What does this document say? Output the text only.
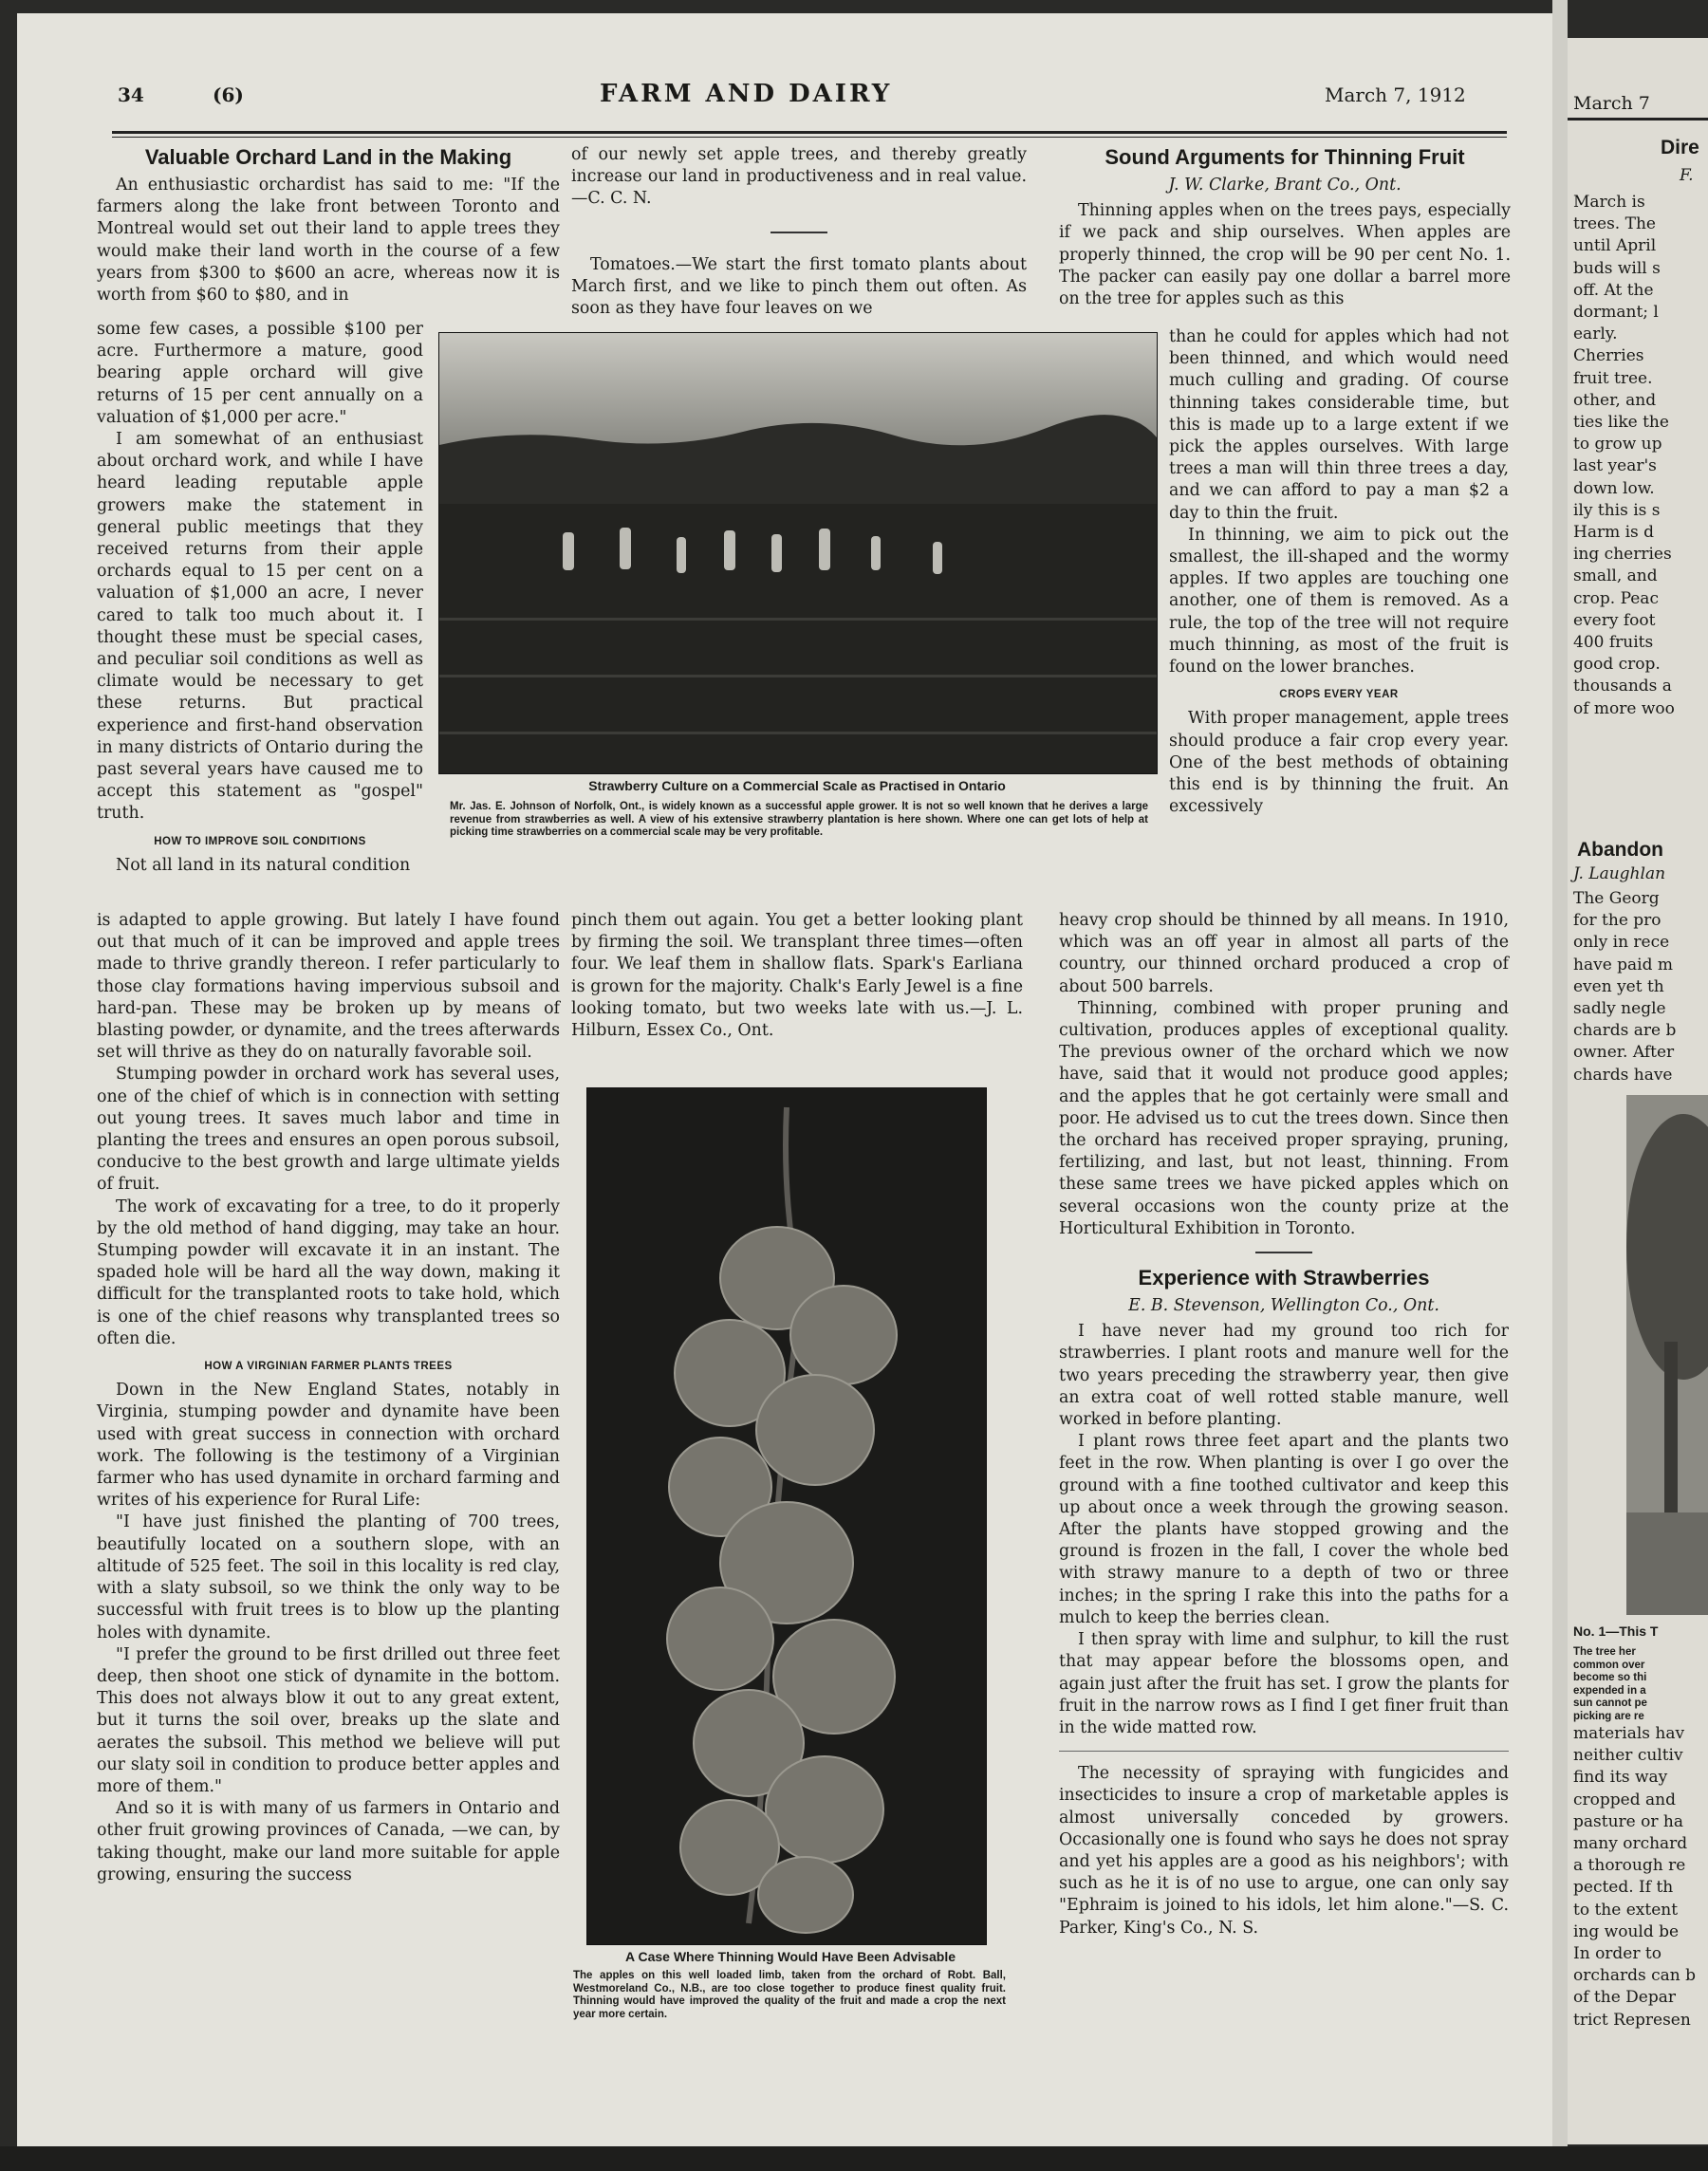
34	(6)	FARM AND DAIRY	March 7, 1912
Valuable Orchard Land in the Making

An enthusiastic orchardist has said to me: "If the farmers along the lake front between Toronto and Montreal would set out their land to apple trees they would make their land worth in the course of a few years from $300 to $600 an acre, whereas now it is worth from $60 to $80, and in

some few cases, a possible $100 per acre. Furthermore a mature, good bearing apple orchard will give returns of 15 per cent annually on a valuation of $1,000 per acre."

I am somewhat of an enthusiast about orchard work, and while I have heard leading reputable apple growers make the statement in general public meetings that they received returns from their apple orchards equal to 15 per cent on a valuation of $1,000 an acre, I never cared to talk too much about it. I thought these must be special cases, and peculiar soil conditions as well as climate would be necessary to get these returns. But practical experience and first-hand observation in many districts of Ontario during the past several years have caused me to accept this statement as "gospel" truth.

HOW TO IMPROVE SOIL CONDITIONS

Not all land in its natural condition

is adapted to apple growing. But lately I have found out that much of it can be improved and apple trees made to thrive grandly thereon. I refer particularly to those clay formations having impervious subsoil and hard-pan. These may be broken up by means of blasting powder, or dynamite, and the trees afterwards set will thrive as they do on naturally favorable soil.

Stumping powder in orchard work has several uses, one of the chief of which is in connection with setting out young trees. It saves much labor and time in planting the trees and ensures an open porous subsoil, conducive to the best growth and large ultimate yields of fruit.

The work of excavating for a tree, to do it properly by the old method of hand digging, may take an hour. Stumping powder will excavate it in an instant. The spaded hole will be hard all the way down, making it difficult for the transplanted roots to take hold, which is one of the chief reasons why transplanted trees so often die.

HOW A VIRGINIAN FARMER PLANTS TREES

Down in the New England States, notably in Virginia, stumping powder and dynamite have been used with great success in connection with orchard work. The following is the testimony of a Virginian farmer who has used dynamite in orchard farming and writes of his experience for Rural Life:

"I have just finished the planting of 700 trees, beautifully located on a southern slope, with an altitude of 525 feet. The soil in this locality is red clay, with a slaty subsoil, so we think the only way to be successful with fruit trees is to blow up the planting holes with dynamite.

"I prefer the ground to be first drilled out three feet deep, then shoot one stick of dynamite in the bottom. This does not always blow it out to any great extent, but it turns the soil over, breaks up the slate and aerates the subsoil. This method we believe will put our slaty soil in condition to produce better apples and more of them."

And so it is with many of us farmers in Ontario and other fruit growing provinces of Canada, —we can, by taking thought, make our land more suitable for apple growing, ensuring the success

of our newly set apple trees, and thereby greatly increase our land in productiveness and in real value.—C. C. N.

Tomatoes.—We start the first tomato plants about March first, and we like to pinch them out often. As soon as they have four leaves on we

Strawberry Culture on a Commercial Scale as Practised in Ontario
Mr. Jas. E. Johnson of Norfolk, Ont., is widely known as a successful apple grower. It is not so well known that he derives a large revenue from strawberries as well. A view of his extensive strawberry plantation is here shown. Where one can get lots of help at picking time strawberries on a commercial scale may be very profitable.

pinch them out again. You get a better looking plant by firming the soil. We transplant three times—often four. We leaf them in shallow flats. Spark's Earliana is grown for the majority. Chalk's Early Jewel is a fine looking tomato, but two weeks late with us.—J. L. Hilburn, Essex Co., Ont.

A Case Where Thinning Would Have Been Advisable
The apples on this well loaded limb, taken from the orchard of Robt. Ball, Westmoreland Co., N.B., are too close together to produce finest quality fruit. Thinning would have improved the quality of the fruit and made a crop the next year more certain.
Sound Arguments for Thinning Fruit
J. W. Clarke, Brant Co., Ont.

Thinning apples when on the trees pays, especially if we pack and ship ourselves. When apples are properly thinned, the crop will be 90 per cent No. 1. The packer can easily pay one dollar a barrel more on the tree for apples such as this

than he could for apples which had not been thinned, and which would need much culling and grading. Of course thinning takes considerable time, but this is made up to a large extent if we pick the apples ourselves. With large trees a man will thin three trees a day, and we can afford to pay a man $2 a day to thin the fruit.

In thinning, we aim to pick out the smallest, the ill-shaped and the wormy apples. If two apples are touching one another, one of them is removed. As a rule, the top of the tree will not require much thinning, as most of the fruit is found on the lower branches.

CROPS EVERY YEAR

With proper management, apple trees should produce a fair crop every year. One of the best methods of obtaining this end is by thinning the fruit. An excessively

heavy crop should be thinned by all means. In 1910, which was an off year in almost all parts of the country, our thinned orchard produced a crop of about 500 barrels.

Thinning, combined with proper pruning and cultivation, produces apples of exceptional quality. The previous owner of the orchard which we now have, said that it would not produce good apples; and the apples that he got certainly were small and poor. He advised us to cut the trees down. Since then the orchard has received proper spraying, pruning, fertilizing, and last, but not least, thinning. From these same trees we have picked apples which on several occasions won the county prize at the Horticultural Exhibition in Toronto.

Experience with Strawberries
E. B. Stevenson, Wellington Co., Ont.

I have never had my ground too rich for strawberries. I plant roots and manure well for the two years preceding the strawberry year, then give an extra coat of well rotted stable manure, well worked in before planting.

I plant rows three feet apart and the plants two feet in the row. When planting is over I go over the ground with a fine toothed cultivator and keep this up about once a week through the growing season. After the plants have stopped growing and the ground is frozen in the fall, I cover the whole bed with strawy manure to a depth of two or three inches; in the spring I rake this into the paths for a mulch to keep the berries clean.

I then spray with lime and sulphur, to kill the rust that may appear before the blossoms open, and again just after the fruit has set. I grow the plants for fruit in the narrow rows as I find I get finer fruit than in the wide matted row.

The necessity of spraying with fungicides and insecticides to insure a crop of marketable apples is almost universally conceded by growers. Occasionally one is found who says he does not spray and yet his apples are a good as his neighbors'; with such as he it is of no use to argue, one can only say "Ephraim is joined to his idols, let him alone."—S. C. Parker, King's Co., N. S.

March 7
Dire
F.
March is
trees. The
until April
buds will s
off. At the
dormant; l
early.
Cherries
fruit tree.
other, and
ties like the
to grow up
last year's
down low.
ily this is s
Harm is d
ing cherries
small, and
crop. Peac
every foot
400 fruits
good crop.
thousands a
of more woo
Abandon
J. Laughlan
The Georg
for the pro
only in rece
have paid m
even yet th
sadly negle
chards are b
owner. After
chards have
No. 1—This T
The tree her
common over
become so thi
expended in a
sun cannot pe
picking are re
materials hav
neither cultiv
find its way
cropped and
pasture or ha
many orchard
a thorough re
pected. If th
to the extent
ing would be
In order to
orchards can b
of the Depar
trict Represen
